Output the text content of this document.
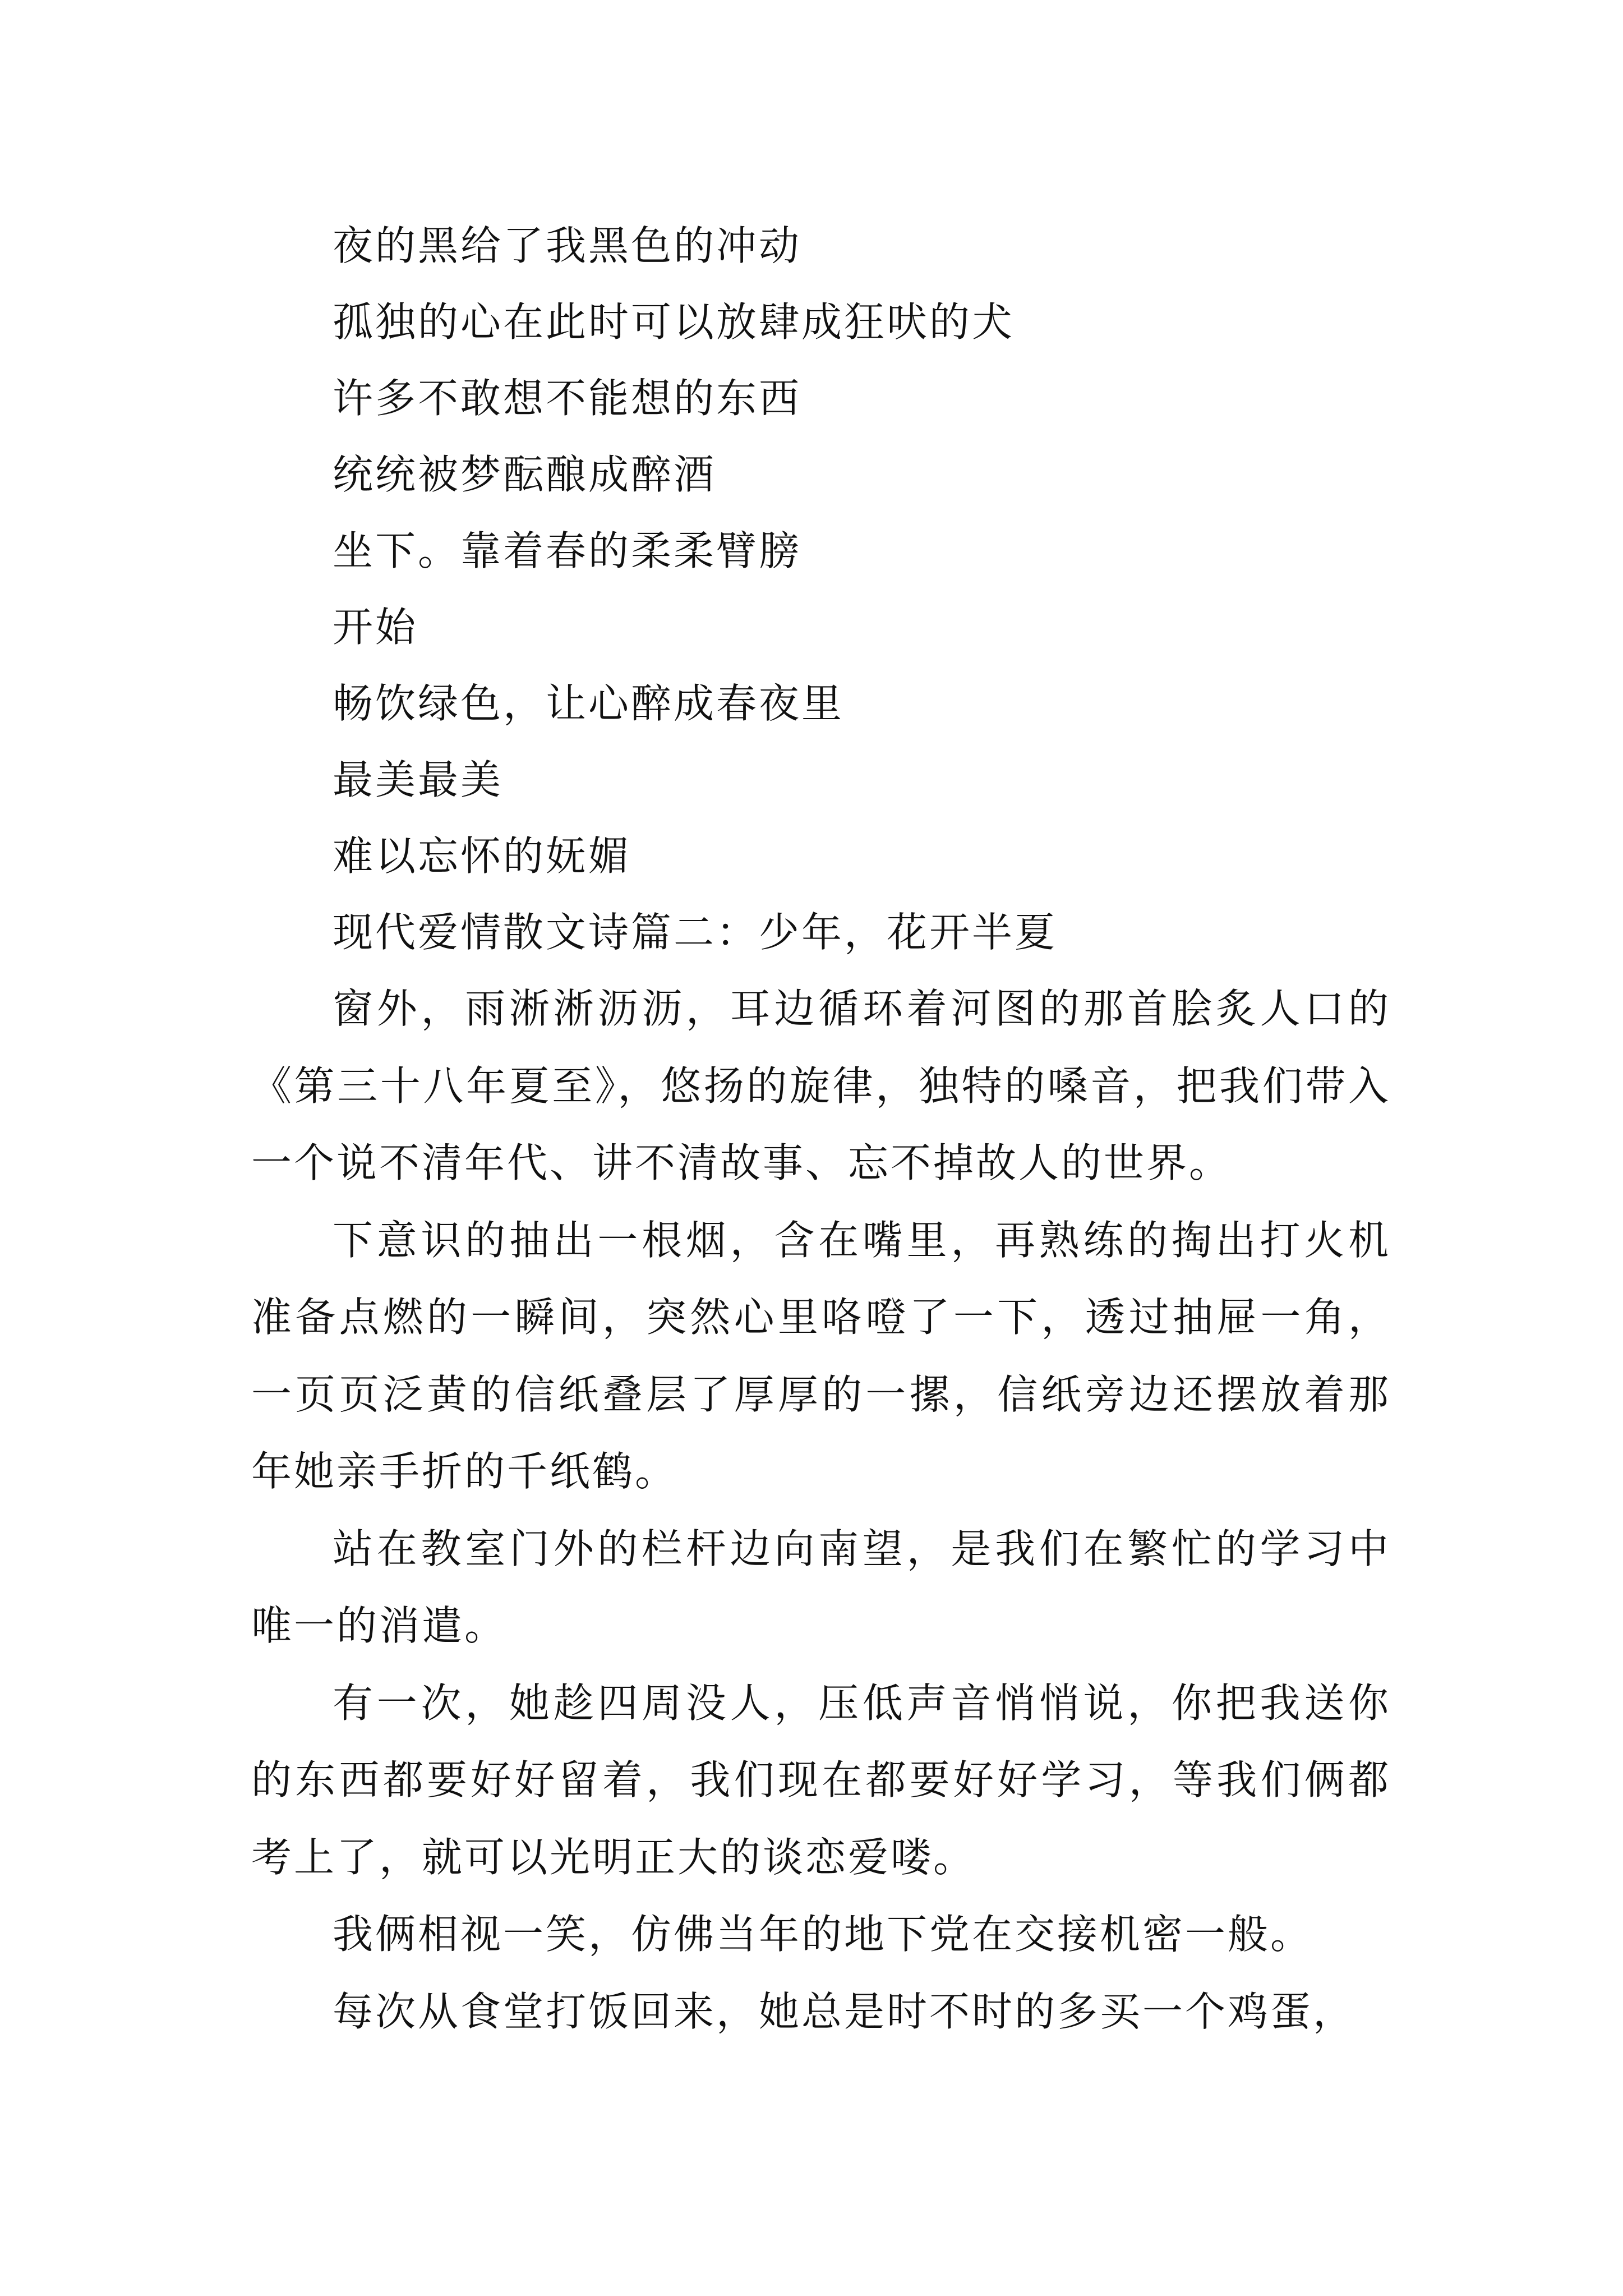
夜的黑给了我黑色的冲动
孤独的心在此时可以放肆成狂吠的犬
许多不敢想不能想的东西
统统被梦酝酿成醉酒
坐下。靠着春的柔柔臂膀
开始
畅饮绿色，让心醉成春夜里
最美最美
难以忘怀的妩媚
现代爱情散文诗篇二：少年，花开半夏

窗外，雨淅淅沥沥，耳边循环着河图的那首脍炙人口的《第三十八年夏至》，悠扬的旋律，独特的嗓音，把我们带入一个说不清年代、讲不清故事、忘不掉故人的世界。

下意识的抽出一根烟，含在嘴里，再熟练的掏出打火机准备点燃的一瞬间，突然心里咯噔了一下，透过抽屉一角，一页页泛黄的信纸叠层了厚厚的一摞，信纸旁边还摆放着那年她亲手折的千纸鹤。

站在教室门外的栏杆边向南望，是我们在繁忙的学习中唯一的消遣。

有一次，她趁四周没人，压低声音悄悄说，你把我送你的东西都要好好留着，我们现在都要好好学习，等我们俩都考上了，就可以光明正大的谈恋爱喽。

我俩相视一笑，仿佛当年的地下党在交接机密一般。

每次从食堂打饭回来，她总是时不时的多买一个鸡蛋，
